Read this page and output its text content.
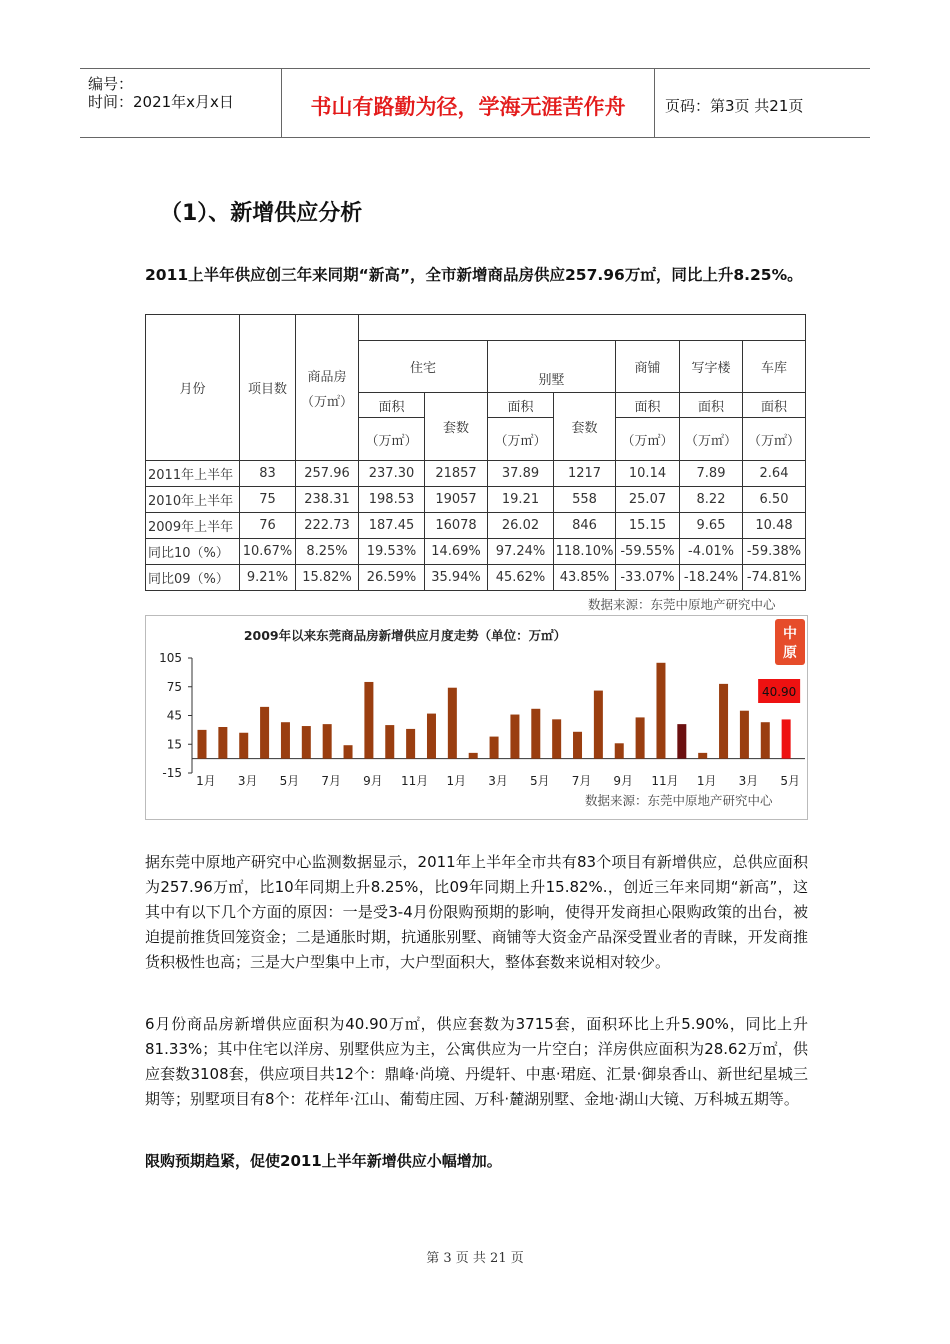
编号：
时间：2021年x月x日	书山有路勤为径，学海无涯苦作舟	页码：第3页 共21页
（1）、新增供应分析
2011上半年供应创三年来同期“新高”，全市新增商品房供应257.96万㎡，同比上升8.25%。
月份	项目数	商品房
（万㎡）							

			住宅		别墅		商铺	写字楼	车库
			面积	套数	面积	套数	面积	面积	面积
			（万㎡）		（万㎡）		（万㎡）	（万㎡）	（万㎡）
2011年上半年	83	257.96	237.30	21857	37.89	1217	10.14	7.89	2.64
2010年上半年	75	238.31	198.53	19057	19.21	558	25.07	8.22	6.50
2009年上半年	76	222.73	187.45	16078	26.02	846	15.15	9.65	10.48
同比10（%）	10.67%	8.25%	19.53%	14.69%	97.24%	118.10%	-59.55%	-4.01%	-59.38%
同比09（%）	9.21%	15.82%	26.59%	35.94%	45.62%	43.85%	-33.07%	-18.24%	-74.81%
数据来源：东莞中原地产研究中心
105
75
45
15
-15
1月 3月 5月 7月 9月 11月 1月 3月 5月 7月 9月 11月 1月 3月 5月
40.90
中
原
2009年以来东莞商品房新增供应月度走势（单位：万㎡）
数据来源：东莞中原地产研究中心
据东莞中原地产研究中心监测数据显示，2011年上半年全市共有83个项目有新增供应，总供应面积为257.96万㎡，比10年同期上升8.25%，比09年同期上升15.82%.，创近三年来同期“新高”，这其中有以下几个方面的原因：一是受3-4月份限购预期的影响，使得开发商担心限购政策的出台，被迫提前推货回笼资金；二是通胀时期，抗通胀别墅、商铺等大资金产品深受置业者的青睐，开发商推货积极性也高；三是大户型集中上市，大户型面积大，整体套数来说相对较少。
6月份商品房新增供应面积为40.90万㎡，供应套数为3715套，面积环比上升5.90%，同比上升81.33%；其中住宅以洋房、别墅供应为主，公寓供应为一片空白；洋房供应面积为28.62万㎡，供应套数3108套，供应项目共12个：鼎峰·尚境、丹缇轩、中惠·珺庭、汇景·御泉香山、新世纪星城三期等；别墅项目有8个：花样年·江山、葡萄庄园、万科·麓湖别墅、金地·湖山大镜、万科城五期等。
限购预期趋紧，促使2011上半年新增供应小幅增加。
第 3 页 共 21 页
